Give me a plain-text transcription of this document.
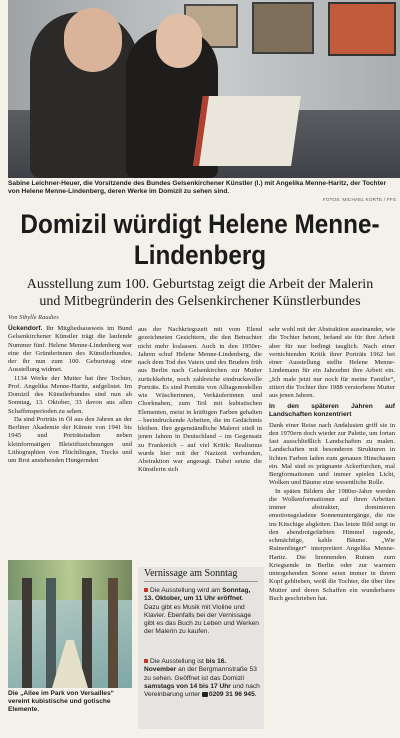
Sabine Leichner-Heuer, die Vorsitzende des Bundes Gelsenkirchener Künstler (l.) mit Angelika Menne-Haritz, der Tochter von Helene Menne-Lindenberg, deren Werke im Domizil zu sehen sind.
FOTOS: MICHAEL KORTE / FFS
Domizil würdigt Helene Menne-Lindenberg
Ausstellung zum 100. Geburtstag zeigt die Arbeit der Malerin und Mitbegründerin des Gelsenkirchener Künstlerbundes
Von Sibylle Raudies

Ückendorf. Ihr Mitgliedsausweis im Bund Gelsenkirchener Künstler trägt die laufende Nummer fünf. Helene Menne-Lindenberg war eine der Gründerinnen des Künstlerbundes, der ihr nun zum 100. Geburtstag eine Ausstellung widmet.

1134 Werke der Mutter hat ihre Tochter, Prof. Angelika Menne-Haritz, aufgelistet. Im Domizil des Künstlerbundes sind nun ab Sonntag, 13. Oktober, 33 davon aus allen Schaffensperioden zu sehen.

Da sind Porträts in Öl aus den Jahren an der Berliner Akademie der Künste von 1941 bis 1945 und Porträtstudien neben kleinformatigen Bleistiftzeichnungen und Lithographien von Flüchtlingen, Trecks und um Brot anstehenden Hungernden

aus der Nachkriegszeit mit vom Elend gezeichneten Gesichtern, die den Betrachter nicht mehr loslassen. Auch in den 1950er-Jahren schuf Helene Menne-Lindenberg, die nach dem Tod des Vaters und des Bruders früh aus Berlin nach Gelsenkirchen zur Mutter zurückkehrte, noch zahlreiche eindrucksvolle Porträts. Es sind Porträts von Alltagsmodellen wie Wäscherinnen, Verkäuferinnen und Chorknaben, zum Teil mit kubistischen Elementen, meist in kräftigen Farben gehalten – beeindruckende Arbeiten, die im Gedächtnis bleiben. Ihre gegenständliche Malerei stieß in jenen Jahren in Deutschland – im Gegensatz zu Frankreich – auf viel Kritik: Realismus wurde hier mit der Nazizeit verbunden, Abstraktion war angesagt. Dabei setzte die Künstlerin sich

sehr wohl mit der Abstraktion auseinander, wie die Tochter betont, befand sie für ihre Arbeit aber für nur bedingt tauglich. Nach einer vernichtenden Kritik ihrer Porträts 1962 bei einer Ausstellung stellte Helene Menne-Lindemann für ein Jahrzehnt ihre Arbeit ein. „Ich male jetzt nur noch für meine Familie“, zitiert die Tochter ihre 1988 verstorbene Mutter aus jenen Jahren.

In den späteren Jahren auf Landschaften konzentriert

Dank einer Reise nach Andalusien griff sie in den 1970ern doch wieder zur Palette, um fortan fast ausschließlich Landschaften zu malen. Landschaften mit besonderen Strukturen in lichten Farben laden zum genauen Hinschauen ein. Mal sind es prägnante Ackerfurchen, mal Bergformationen und immer spielen Licht, Wolken und Bäume eine wesentliche Rolle.

In späten Bildern der 1980er-Jahre werden die Wolkenformationen auf ihren Arbeiten immer abstrakter, dominieren emotionsgeladene Sonnenuntergänge, die nie ins Kitschige abgleiten. Das letzte Bild zeigt in den abendrotgefärbten Himmel ragende, schmächtige, kahle Bäume. „Wie Ruinenfinger“ interpretiert Angelika Menne-Haritz. Die brennenden Ruinen zum Kriegsende in Berlin oder zur warmen untergehenden Sonne seien immer in ihrem Kopf geblieben, weiß die Tochter, die über ihre Mutter und deren Schaffen ein wunderbares Buch geschrieben hat.

Die „Allee im Park von Versailles“ vereint kubistische und gotische Elemente.
Vernissage am Sonntag
Die Ausstellung wird am Sonntag, 13. Oktober, um 11 Uhr eröffnet. Dazu gibt es Musik mit Violine und Klavier. Ebenfalls bei der Vernissage gibt es das Buch zu Leben und Werken der Malerin zu kaufen.
Die Ausstellung ist bis 16. November an der Bergmannstraße 53 zu sehen. Geöffnet ist das Domizil samstags von 14 bis 17 Uhr und nach Vereinbarung unter 0209 31 96 945.
